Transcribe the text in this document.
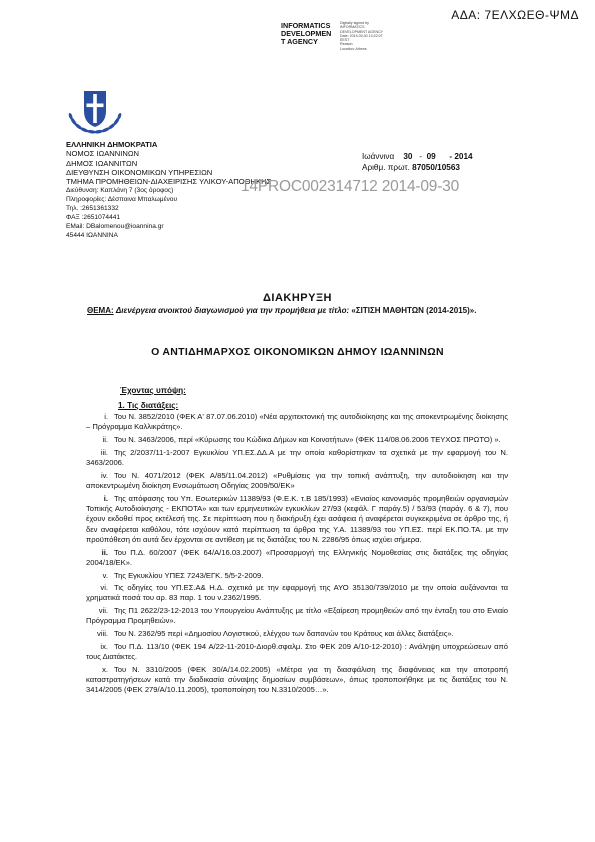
ΑΔΑ: 7ΕΛΧΩΕΘ-ΨΜΔ
INFORMATICS
DEVELOPMEN
T AGENCY
Digitally signed by
INFORMATICS
DEVELOPMENT AGENCY
Date: 2014.09.30 13:22:07
EEST
Reason:
Location: Athens
ΕΛΛΗΝΙΚΗ ΔΗΜΟΚΡΑΤΙΑ
ΝΟΜΟΣ ΙΩΑΝΝΙΝΩΝ
ΔΗΜΟΣ ΙΩΑΝΝΙΤΩΝ
ΔΙΕΥΘΥΝΣΗ ΟΙΚΟΝΟΜΙΚΩΝ ΥΠΗΡΕΣΙΩΝ
ΤΜΗΜΑ ΠΡΟΜΗΘΕΙΩΝ-ΔΙΑΧΕΙΡΙΣΗΣ ΥΛΙΚΟΥ-ΑΠΟΘΗΚΗΣ
Διεύθυνση: Καπλάνη 7 (3ος όροφος)
Πληροφορίες: Δέσποινα Μπαλωμένου
Τηλ. :2651361332
ΦΑΞ :2651074441
EMail: DBalomenou@ioannina.gr
45444 ΙΩΑΝΝΙΝΑ
Ιωάννινα 30 - 09 - 2014
Αριθμ. πρωτ. 87050/10563
14PROC002314712 2014-09-30
ΔΙΑΚΗΡΥΞΗ
ΘΕΜΑ: Διενέργεια ανοικτού διαγωνισμού για την προμήθεια με τίτλο: «ΣΙΤΙΣΗ ΜΑΘΗΤΩΝ (2014-2015)».
Ο ΑΝΤΙΔΗΜΑΡΧΟΣ ΟΙΚΟΝΟΜΙΚΩΝ ΔΗΜΟΥ ΙΩΑΝΝΙΝΩΝ
Έχοντας υπόψη:
1. Τις διατάξεις:
i. Του Ν. 3852/2010 (ΦΕΚ Α' 87.07.06.2010) «Νέα αρχιτεκτονική της αυτοδιοίκησης και της αποκεντρωμένης διοίκησης – Πρόγραμμα Καλλικράτης».
ii. Του Ν. 3463/2006, περί «Κύρωσης του Κώδικα Δήμων και Κοινοτήτων» (ΦΕΚ 114/08.06.2006 ΤΕΥΧΟΣ ΠΡΩΤΟ) ».
iii. Της 2/2037/11-1-2007 Εγκυκλίου ΥΠ.ΕΣ.ΔΔ.Α με την οποία καθορίστηκαν τα σχετικά με την εφαρμογή του Ν. 3463/2006.
iv. Του Ν. 4071/2012 (ΦΕΚ Α/85/11.04.2012) «Ρυθμίσεις για την τοπική ανάπτυξη, την αυτοδιοίκηση και την αποκεντρωμένη διοίκηση Ενσωμάτωση Οδηγίας 2009/50/ΕΚ»
i. Της απόφασης του Υπ. Εσωτερικών 11389/93 (Φ.Ε.Κ. τ.Β 185/1993) «Ενιαίος κανονισμός προμηθειών οργανισμών Τοπικής Αυτοδιοίκησης - ΕΚΠΟΤΑ» και των ερμηνευτικών εγκυκλίων 27/93 (κεφάλ. Γ παράγ.5) / 53/93 (παράγ. 6 & 7), που έχουν εκδοθεί προς εκτέλεσή της. Σε περίπτωση που η διακήρυξη έχει ασάφεια ή αναφέρεται συγκεκριμένα σε άρθρο της, ή δεν αναφέρεται καθόλου, τότε ισχύουν κατά περίπτωση τα άρθρα της Υ.Α. 11389/93 του ΥΠ.ΕΣ. περί ΕΚ.ΠΟ.ΤΑ. με την προϋπόθεση ότι αυτά δεν έρχονται σε αντίθεση με τις διατάξεις του Ν. 2286/95 όπως ισχύει σήμερα.
ii. Του Π.Δ. 60/2007 (ΦΕΚ 64/Α/16.03.2007) «Προσαρμογή της Ελληνικής Νομοθεσίας στις διατάξεις της οδηγίας 2004/18/ΕΚ».
v. Της Εγκυκλίου ΥΠΕΣ 7243/ΕΓΚ. 5/5-2-2009.
vi. Τις οδηγίες του ΥΠ.ΕΣ.Α& Η.Δ. σχετικά με την εφαρμογή της ΑΥΟ 35130/739/2010 με την οποία αυξάνονται τα χρηματικά ποσά του αρ. 83 παρ. 1 του ν.2362/1995.
vii. Της Π1 2622/23-12-2013 του Υπουργείου Ανάπτυξης με τίτλο «Εξαίρεση προμηθειών από την ένταξη του στο Ενιαίο Πρόγραμμα Προμηθειών».
viii. Του Ν. 2362/95 περί «Δημοσίου Λογιστικού, ελέγχου των δαπανών του Κράτους και άλλες διατάξεις».
ix. Του Π.Δ. 113/10 (ΦΕΚ 194 Α/22-11-2010-Διορθ.σφαλμ. Στο ΦΕΚ 209 Α/10-12-2010) : Ανάληψη υποχρεώσεων από τους Διατάκτες.
x. Του Ν. 3310/2005 (ΦΕΚ 30/Α/14.02.2005) «Μέτρα για τη διασφάλιση της διαφάνειας και την αποτροπή καταστρατηγήσεων κατά την διαδικασία σύναψης δημοσίων συμβάσεων», όπως τροποποιήθηκε με τις διατάξεις του Ν. 3414/2005 (ΦΕΚ 279/Α/10.11.2005), τροποποίηση του Ν.3310/2005…».
